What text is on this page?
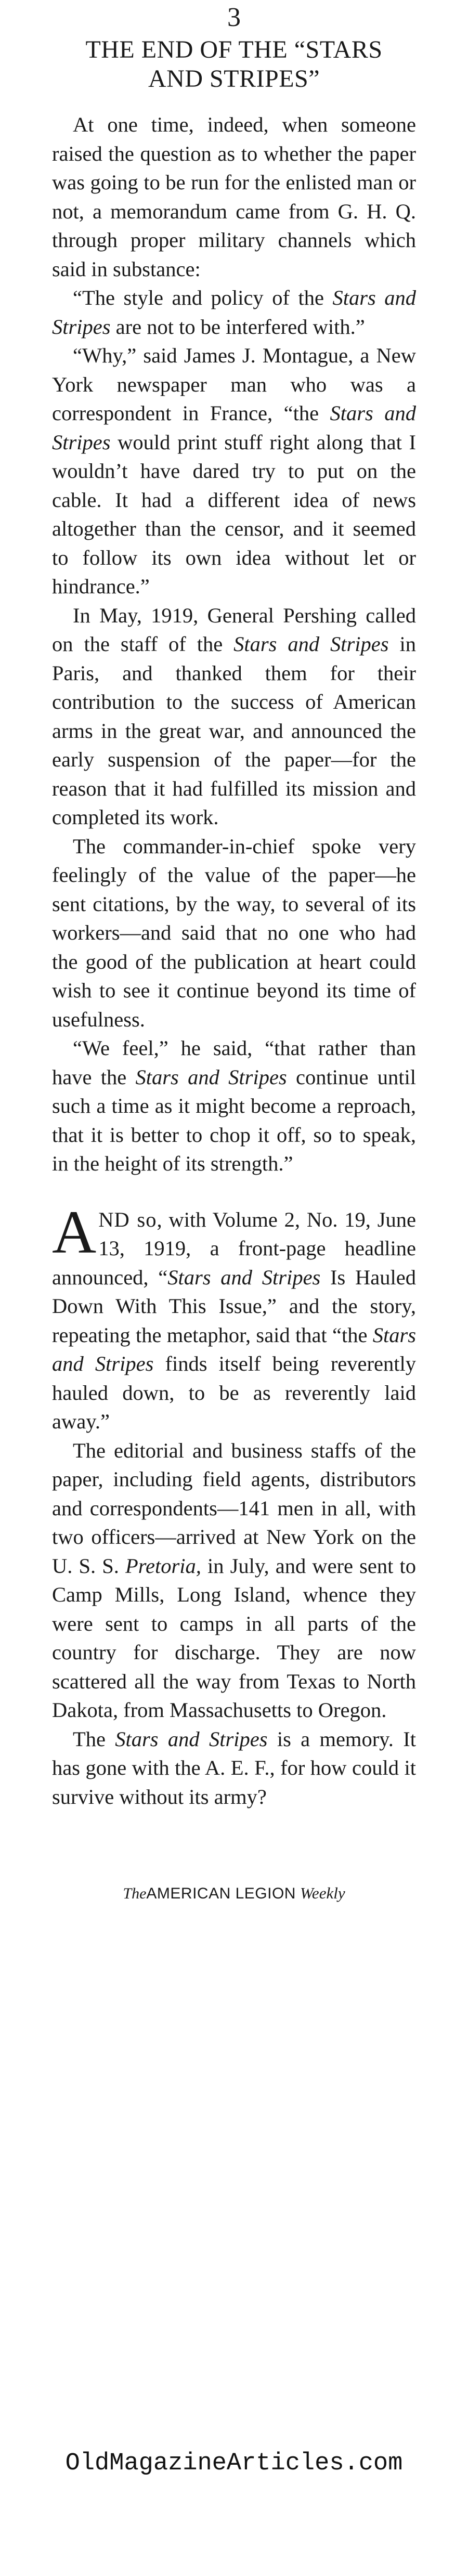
3
THE END OF THE “STARS
AND STRIPES”

At one time, indeed, when someone raised the question as to whether the paper was going to be run for the enlisted man or not, a memorandum came from G. H. Q. through proper military channels which said in substance:

“The style and policy of the Stars and Stripes are not to be interfered with.”

“Why,” said James J. Montague, a New York newspaper man who was a correspondent in France, “the Stars and Stripes would print stuff right along that I wouldn’t have dared try to put on the cable. It had a different idea of news altogether than the censor, and it seemed to follow its own idea without let or hindrance.”

In May, 1919, General Pershing called on the staff of the Stars and Stripes in Paris, and thanked them for their contribution to the success of American arms in the great war, and announced the early suspension of the paper—for the reason that it had fulfilled its mission and completed its work.

The commander-in-chief spoke very feelingly of the value of the paper—he sent citations, by the way, to several of its workers—and said that no one who had the good of the publication at heart could wish to see it continue beyond its time of usefulness.

“We feel,” he said, “that rather than have the Stars and Stripes continue until such a time as it might become a reproach, that it is better to chop it off, so to speak, in the height of its strength.”

AND so, with Volume 2, No. 19, June 13, 1919, a front-page headline announced, “Stars and Stripes Is Hauled Down With This Issue,” and the story, repeating the metaphor, said that “the Stars and Stripes finds itself being reverently hauled down, to be as reverently laid away.”

The editorial and business staffs of the paper, including field agents, distributors and correspondents—141 men in all, with two officers—arrived at New York on the U. S. S. Pretoria, in July, and were sent to Camp Mills, Long Island, whence they were sent to camps in all parts of the country for discharge. They are now scattered all the way from Texas to North Dakota, from Massachusetts to Oregon.

The Stars and Stripes is a memory. It has gone with the A. E. F., for how could it survive without its army?

TheAMERICAN LEGION Weekly
OldMagazineArticles.com
